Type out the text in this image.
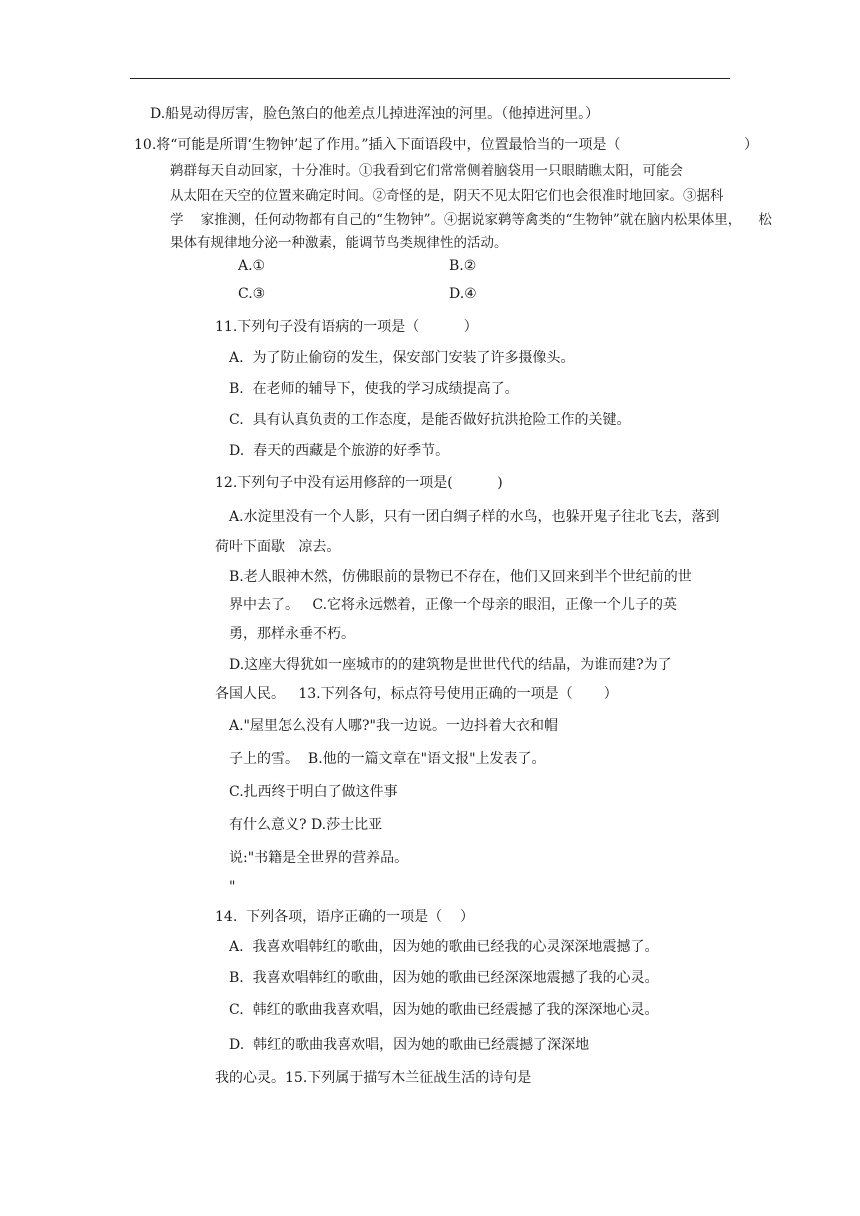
D.船晃动得厉害，脸色煞白的他差点儿掉进浑浊的河里。（他掉进河里。）
10.将“可能是所谓‘生物钟’起了作用。”插入下面语段中，位置最恰当的一项是（	）
鹈群每天自动回家，十分准时。①我看到它们常常侧着脑袋用一只眼睛瞧太阳，可能会
从太阳在天空的位置来确定时间。②奇怪的是，阴天不见太阳它们也会很准时地回家。③据科
学    家推测，任何动物都有自己的“生物钟”。④据说家鹈等禽类的“生物钟”就在脑内松果体里，    松
果体有规律地分泌一种激素，能调节鸟类规律性的活动。
A.①	B.②
C.③	D.④
11.下列句子没有语病的一项是（          ）
A.  为了防止偷窃的发生，保安部门安装了许多摄像头。
B.  在老师的辅导下，使我的学习成绩提高了。
C.  具有认真负责的工作态度，是能否做好抗洪抢险工作的关键。
D.  春天的西藏是个旅游的好季节。
12.下列句子中没有运用修辞的一项是(          )
A.水淀里没有一个人影，只有一团白绸子样的水鸟，也躲开鬼子往北飞去，落到
荷叶下面歇   凉去。
B.老人眼神木然，仿佛眼前的景物已不存在，他们又回来到半个世纪前的世
界中去了。   C.它将永远燃着，正像一个母亲的眼泪，正像一个儿子的英
勇，那样永垂不朽。
D.这座大得犹如一座城市的的建筑物是世世代代的结晶，为谁而建?为了
各国人民。   13.下列各句，标点符号使用正确的一项是（       ）
A."屋里怎么没有人哪?"我一边说。一边抖着大衣和帽
子上的雪。  B.他的一篇文章在"语文报"上发表了。
C.扎西终于明白了做这件事
有什么意义? D.莎士比亚
说:"书籍是全世界的营养品。
"
14.  下列各项，语序正确的一项是（    ）
A.  我喜欢唱韩红的歌曲，因为她的歌曲已经我的心灵深深地震撼了。
B.  我喜欢唱韩红的歌曲，因为她的歌曲已经深深地震撼了我的心灵。
C.  韩红的歌曲我喜欢唱，因为她的歌曲已经震撼了我的深深地心灵。
D.  韩红的歌曲我喜欢唱，因为她的歌曲已经震撼了深深地
我的心灵。15.下列属于描写木兰征战生活的诗句是
